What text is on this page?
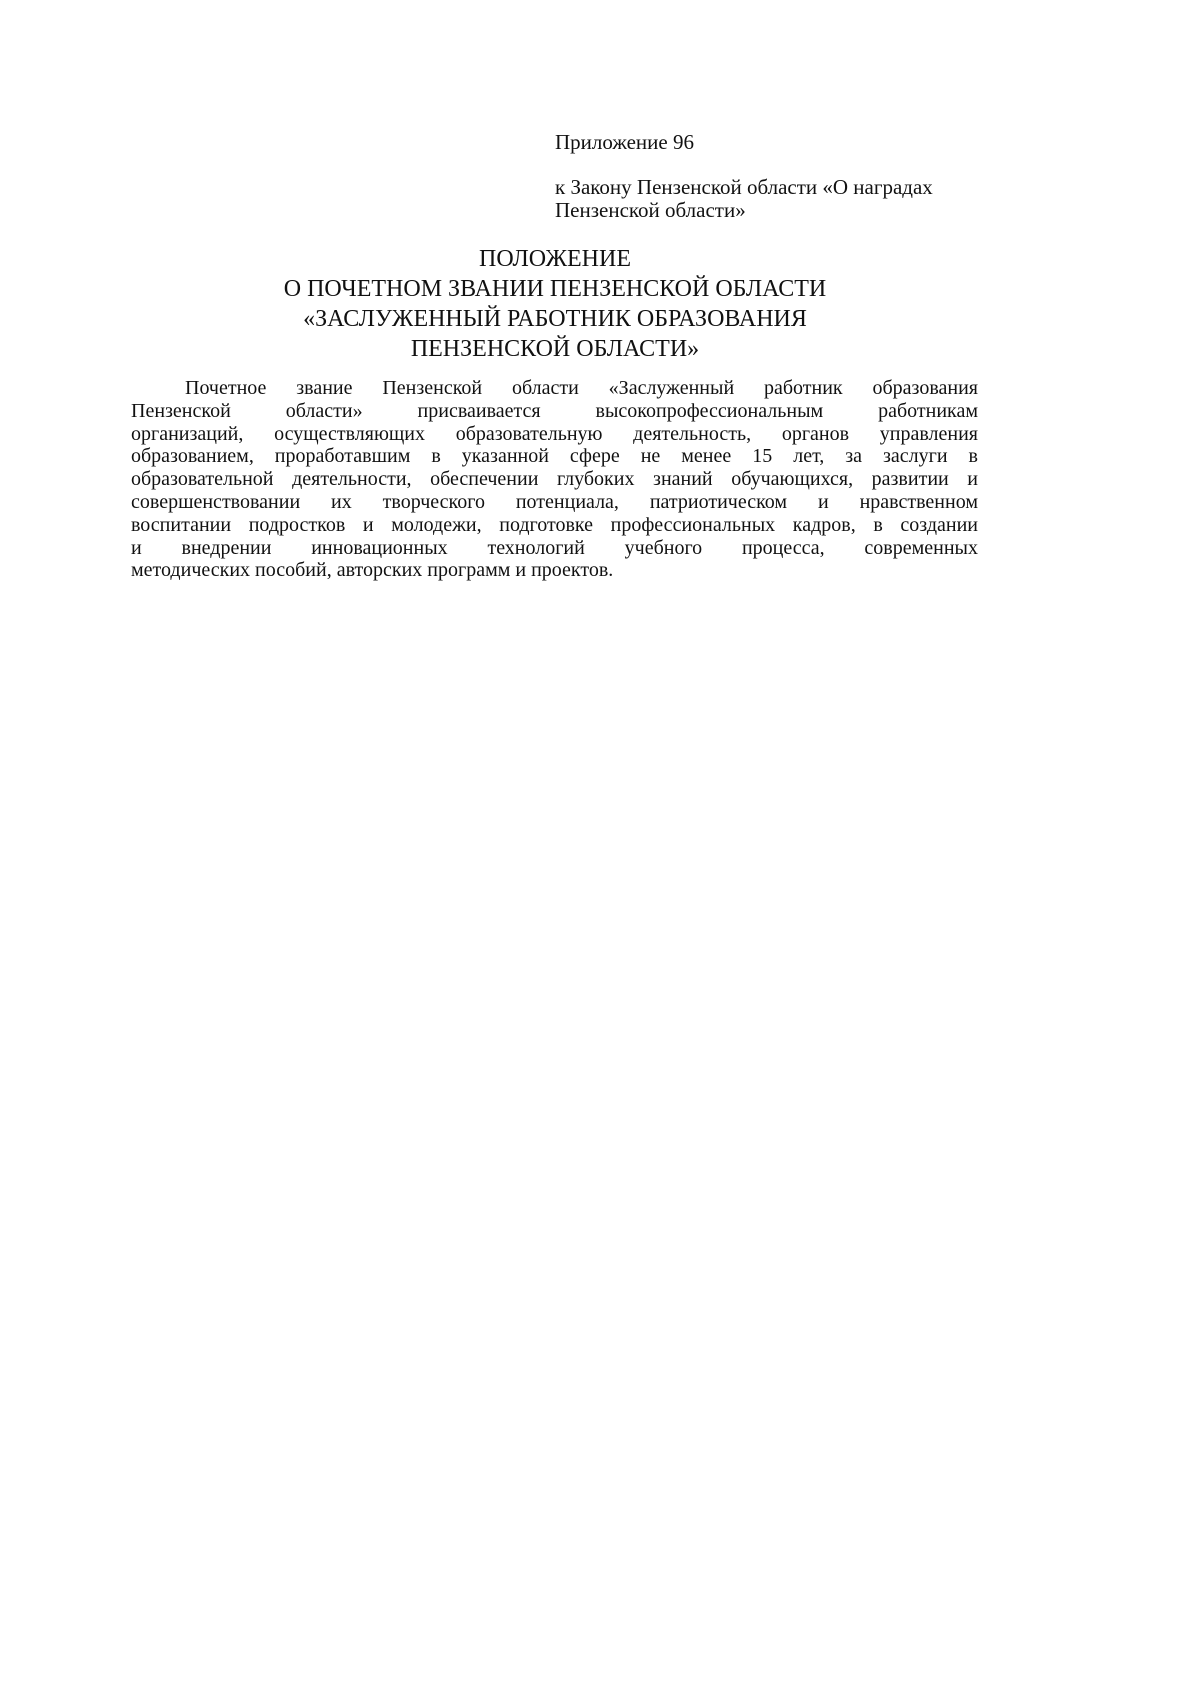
Приложение 96
к Закону Пензенской области «О наградах
Пензенской области»
ПОЛОЖЕНИЕ
О ПОЧЕТНОМ ЗВАНИИ ПЕНЗЕНСКОЙ ОБЛАСТИ
«ЗАСЛУЖЕННЫЙ РАБОТНИК ОБРАЗОВАНИЯ
ПЕНЗЕНСКОЙ ОБЛАСТИ»
Почетное звание Пензенской области «Заслуженный работник образования
Пензенской области» присваивается высокопрофессиональным работникам
организаций, осуществляющих образовательную деятельность, органов управления
образованием, проработавшим в указанной сфере не менее 15 лет, за заслуги в
образовательной деятельности, обеспечении глубоких знаний обучающихся, развитии и
совершенствовании их творческого потенциала, патриотическом и нравственном
воспитании подростков и молодежи, подготовке профессиональных кадров, в создании
и внедрении инновационных технологий учебного процесса, современных
методических пособий, авторских программ и проектов.
